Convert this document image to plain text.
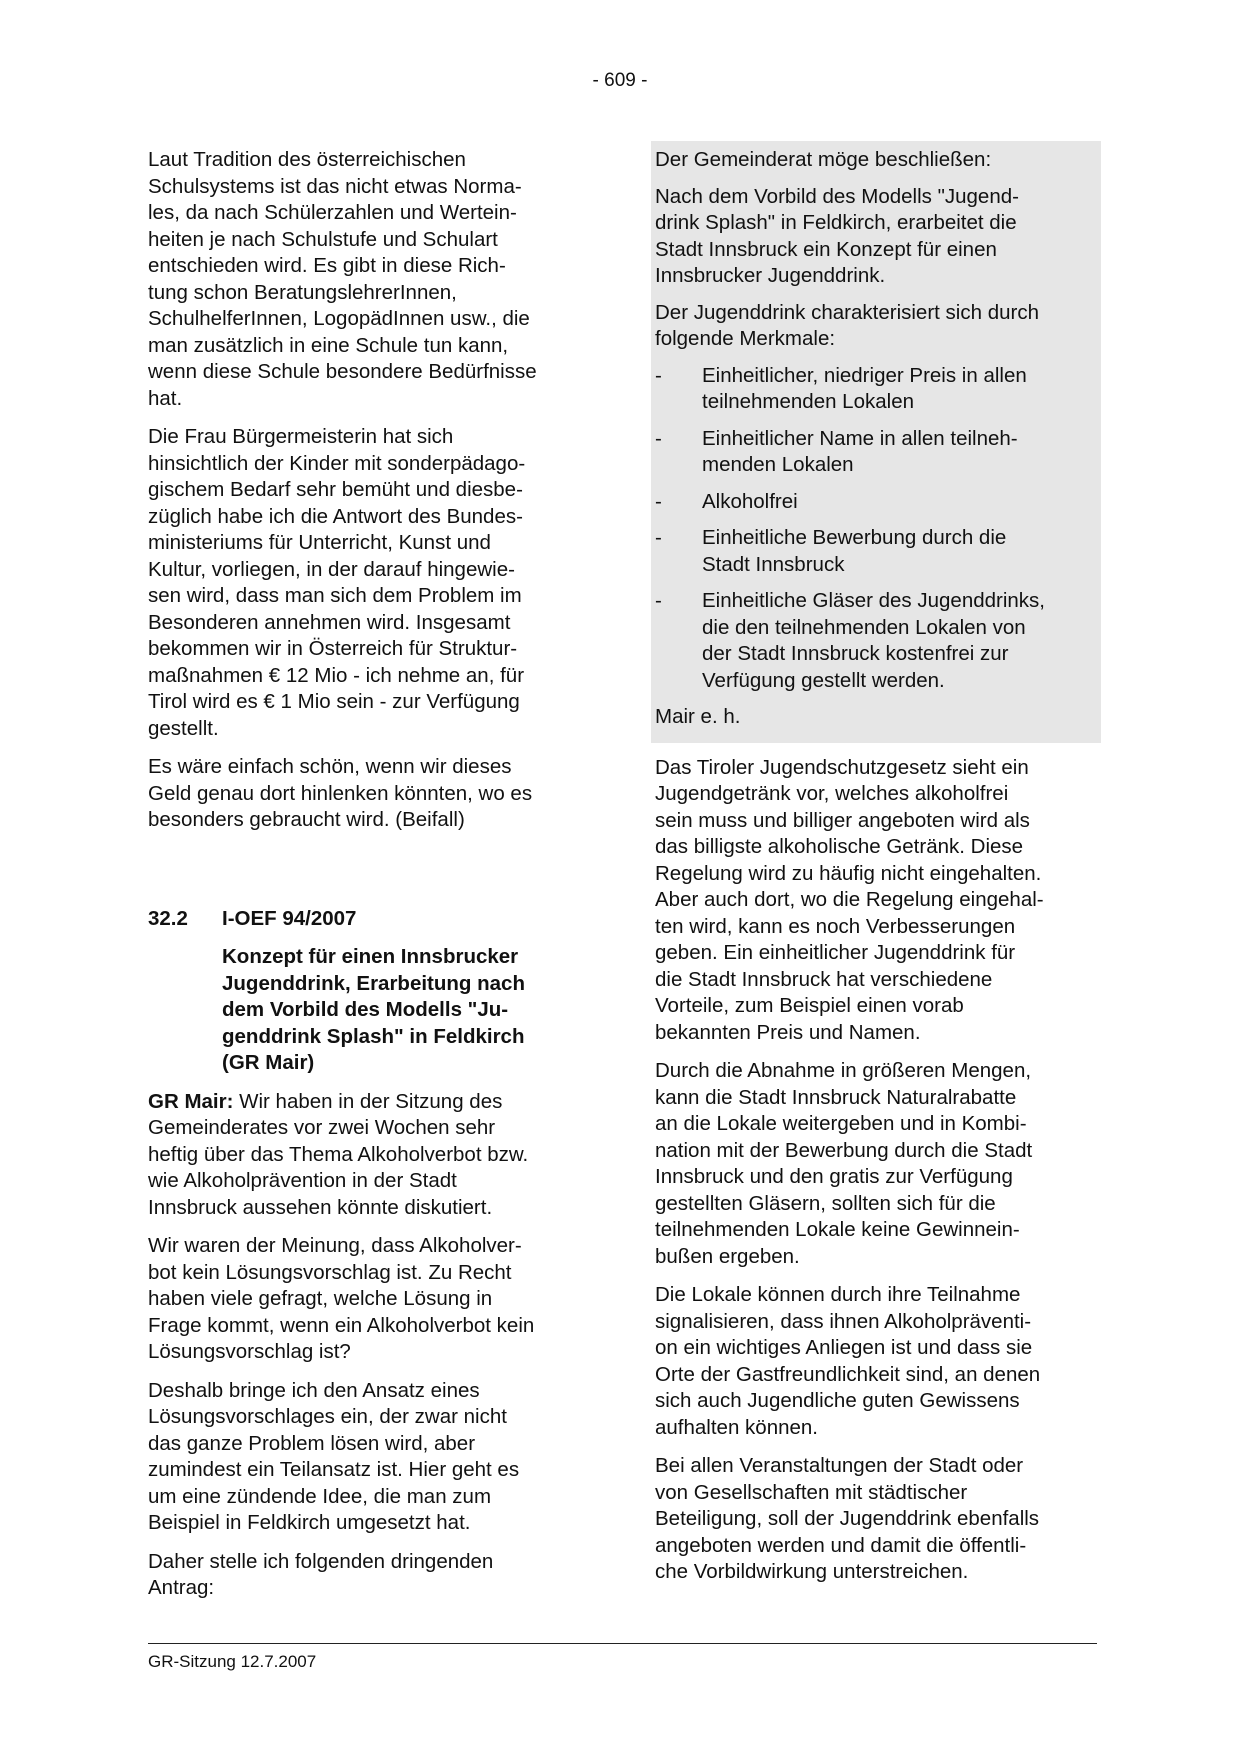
- 609 -

Laut Tradition des österreichischen
Schulsystems ist das nicht etwas Norma-
les, da nach Schülerzahlen und Wertein-
heiten je nach Schulstufe und Schulart
entschieden wird. Es gibt in diese Rich-
tung schon BeratungslehrerInnen,
SchulhelferInnen, LogopädInnen usw., die
man zusätzlich in eine Schule tun kann,
wenn diese Schule besondere Bedürfnisse
hat.

Die Frau Bürgermeisterin hat sich
hinsichtlich der Kinder mit sonderpädago-
gischem Bedarf sehr bemüht und diesbe-
züglich habe ich die Antwort des Bundes-
ministeriums für Unterricht, Kunst und
Kultur, vorliegen, in der darauf hingewie-
sen wird, dass man sich dem Problem im
Besonderen annehmen wird. Insgesamt
bekommen wir in Österreich für Struktur-
maßnahmen € 12 Mio - ich nehme an, für
Tirol wird es € 1 Mio sein - zur Verfügung
gestellt.

Es wäre einfach schön, wenn wir dieses
Geld genau dort hinlenken könnten, wo es
besonders gebraucht wird. (Beifall)

32.2	I-OEF 94/2007
Konzept für einen Innsbrucker
Jugenddrink, Erarbeitung nach
dem Vorbild des Modells "Ju-
genddrink Splash" in Feldkirch
(GR Mair)

GR Mair: Wir haben in der Sitzung des
Gemeinderates vor zwei Wochen sehr
heftig über das Thema Alkoholverbot bzw.
wie Alkoholprävention in der Stadt
Innsbruck aussehen könnte diskutiert.

Wir waren der Meinung, dass Alkoholver-
bot kein Lösungsvorschlag ist. Zu Recht
haben viele gefragt, welche Lösung in
Frage kommt, wenn ein Alkoholverbot kein
Lösungsvorschlag ist?

Deshalb bringe ich den Ansatz eines
Lösungsvorschlages ein, der zwar nicht
das ganze Problem lösen wird, aber
zumindest ein Teilansatz ist. Hier geht es
um eine zündende Idee, die man zum
Beispiel in Feldkirch umgesetzt hat.

Daher stelle ich folgenden dringenden
Antrag:

Der Gemeinderat möge beschließen:

Nach dem Vorbild des Modells "Jugend-
drink Splash" in Feldkirch, erarbeitet die
Stadt Innsbruck ein Konzept für einen
Innsbrucker Jugenddrink.

Der Jugenddrink charakterisiert sich durch
folgende Merkmale:

-	Einheitlicher, niedriger Preis in allen
teilnehmenden Lokalen
-	Einheitlicher Name in allen teilneh-
menden Lokalen
-	Alkoholfrei
-	Einheitliche Bewerbung durch die
Stadt Innsbruck
-	Einheitliche Gläser des Jugenddrinks,
die den teilnehmenden Lokalen von
der Stadt Innsbruck kostenfrei zur
Verfügung gestellt werden.

Mair e. h.

Das Tiroler Jugendschutzgesetz sieht ein
Jugendgetränk vor, welches alkoholfrei
sein muss und billiger angeboten wird als
das billigste alkoholische Getränk. Diese
Regelung wird zu häufig nicht eingehalten.
Aber auch dort, wo die Regelung eingehal-
ten wird, kann es noch Verbesserungen
geben. Ein einheitlicher Jugenddrink für
die Stadt Innsbruck hat verschiedene
Vorteile, zum Beispiel einen vorab
bekannten Preis und Namen.

Durch die Abnahme in größeren Mengen,
kann die Stadt Innsbruck Naturalrabatte
an die Lokale weitergeben und in Kombi-
nation mit der Bewerbung durch die Stadt
Innsbruck und den gratis zur Verfügung
gestellten Gläsern, sollten sich für die
teilnehmenden Lokale keine Gewinnein-
bußen ergeben.

Die Lokale können durch ihre Teilnahme
signalisieren, dass ihnen Alkoholpräventi-
on ein wichtiges Anliegen ist und dass sie
Orte der Gastfreundlichkeit sind, an denen
sich auch Jugendliche guten Gewissens
aufhalten können.

Bei allen Veranstaltungen der Stadt oder
von Gesellschaften mit städtischer
Beteiligung, soll der Jugenddrink ebenfalls
angeboten werden und damit die öffentli-
che Vorbildwirkung unterstreichen.

GR-Sitzung 12.7.2007
